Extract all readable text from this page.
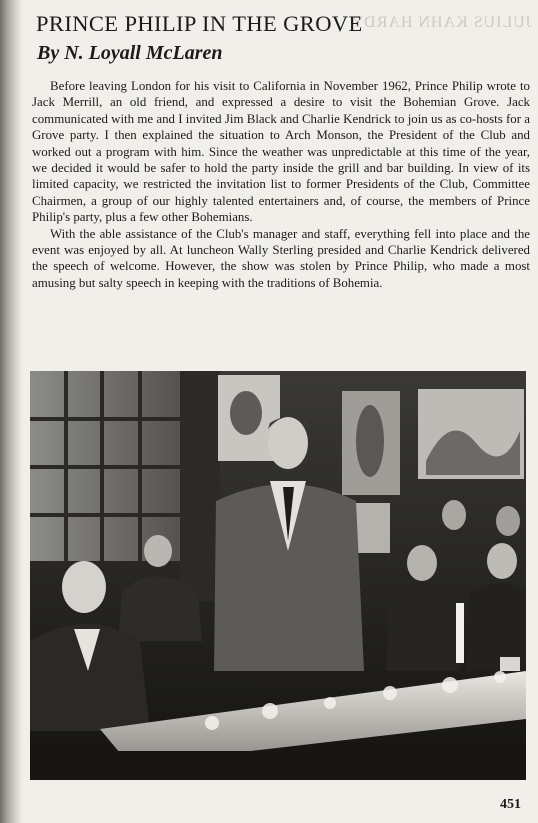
JULIUS KAHN HARDY
PRINCE PHILIP IN THE GROVE
By N. Loyall McLaren

Before leaving London for his visit to California in November 1962, Prince Philip wrote to Jack Merrill, an old friend, and expressed a desire to visit the Bohemian Grove. Jack communicated with me and I invited Jim Black and Charlie Kendrick to join us as co-hosts for a Grove party. I then explained the situation to Arch Monson, the President of the Club and worked out a program with him. Since the weather was unpredictable at this time of the year, we decided it would be safer to hold the party inside the grill and bar building. In view of its limited capacity, we restricted the invitation list to former Presidents of the Club, Committee Chairmen, a group of our highly talented entertainers and, of course, the members of Prince Philip's party, plus a few other Bohemians.

With the able assistance of the Club's manager and staff, everything fell into place and the event was enjoyed by all. At luncheon Wally Sterling presided and Charlie Kendrick delivered the speech of welcome. However, the show was stolen by Prince Philip, who made a most amusing but salty speech in keeping with the traditions of Bohemia.

451
